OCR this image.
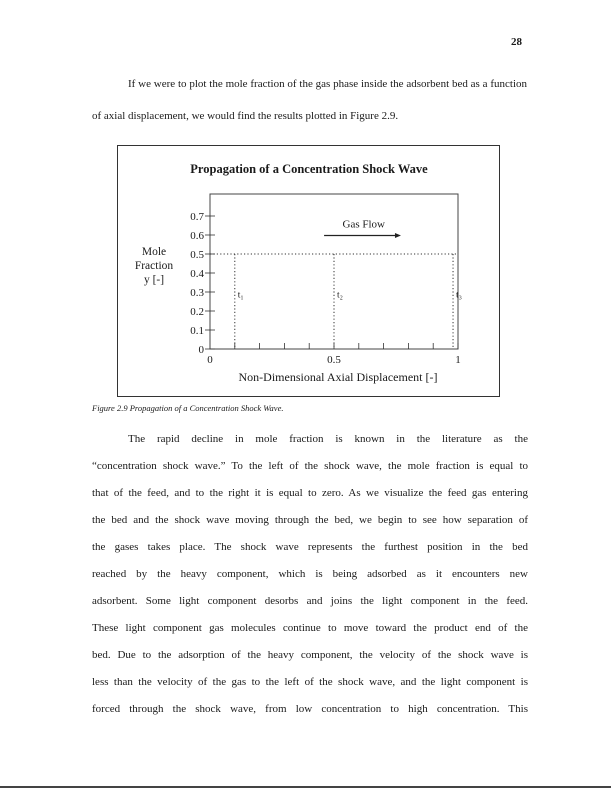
28

If we were to plot the mole fraction of the gas phase inside the adsorbent bed as a function of axial displacement, we would find the results plotted in Figure 2.9.

Propagation of a Concentration Shock Wave
0
0.1
0.2
0.3
0.4
0.5
0.6
0.7
0	0.5	1
Mole
Fraction
y [-]
Non-Dimensional Axial Displacement [-]
t₁	t₂	t₃
Gas Flow

Figure 2.9 Propagation of a Concentration Shock Wave.

The rapid decline in mole fraction is known in the literature as the
“concentration shock wave.” To the left of the shock wave, the mole fraction is equal to
that of the feed, and to the right it is equal to zero. As we visualize the feed gas entering
the bed and the shock wave moving through the bed, we begin to see how separation of
the gases takes place. The shock wave represents the furthest position in the bed
reached by the heavy component, which is being adsorbed as it encounters new
adsorbent. Some light component desorbs and joins the light component in the feed.
These light component gas molecules continue to move toward the product end of the
bed. Due to the adsorption of the heavy component, the velocity of the shock wave is
less than the velocity of the gas to the left of the shock wave, and the light component is
forced through the shock wave, from low concentration to high concentration. This
